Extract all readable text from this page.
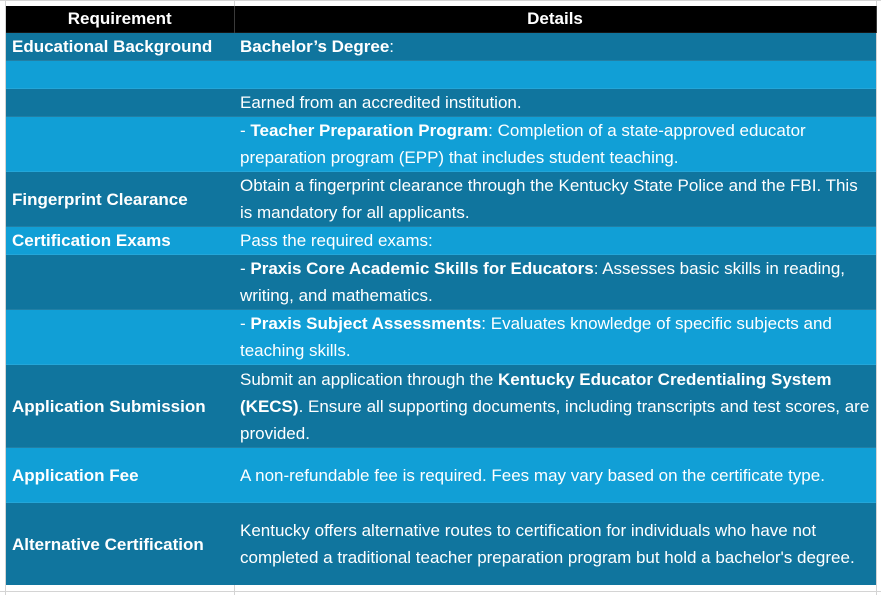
Requirement	Details
Educational Background	Bachelor’s Degree:

	Earned from an accredited institution.
	- Teacher Preparation Program: Completion of a state-approved educator preparation program (EPP) that includes student teaching.
Fingerprint Clearance	Obtain a fingerprint clearance through the Kentucky State Police and the FBI. This is mandatory for all applicants.
Certification Exams	Pass the required exams:
	- Praxis Core Academic Skills for Educators: Assesses basic skills in reading, writing, and mathematics.
	- Praxis Subject Assessments: Evaluates knowledge of specific subjects and teaching skills.
Application Submission	Submit an application through the Kentucky Educator Credentialing System (KECS). Ensure all supporting documents, including transcripts and test scores, are provided.
Application Fee	A non-refundable fee is required. Fees may vary based on the certificate type.
Alternative Certification	Kentucky offers alternative routes to certification for individuals who have not completed a traditional teacher preparation program but hold a bachelor's degree.
